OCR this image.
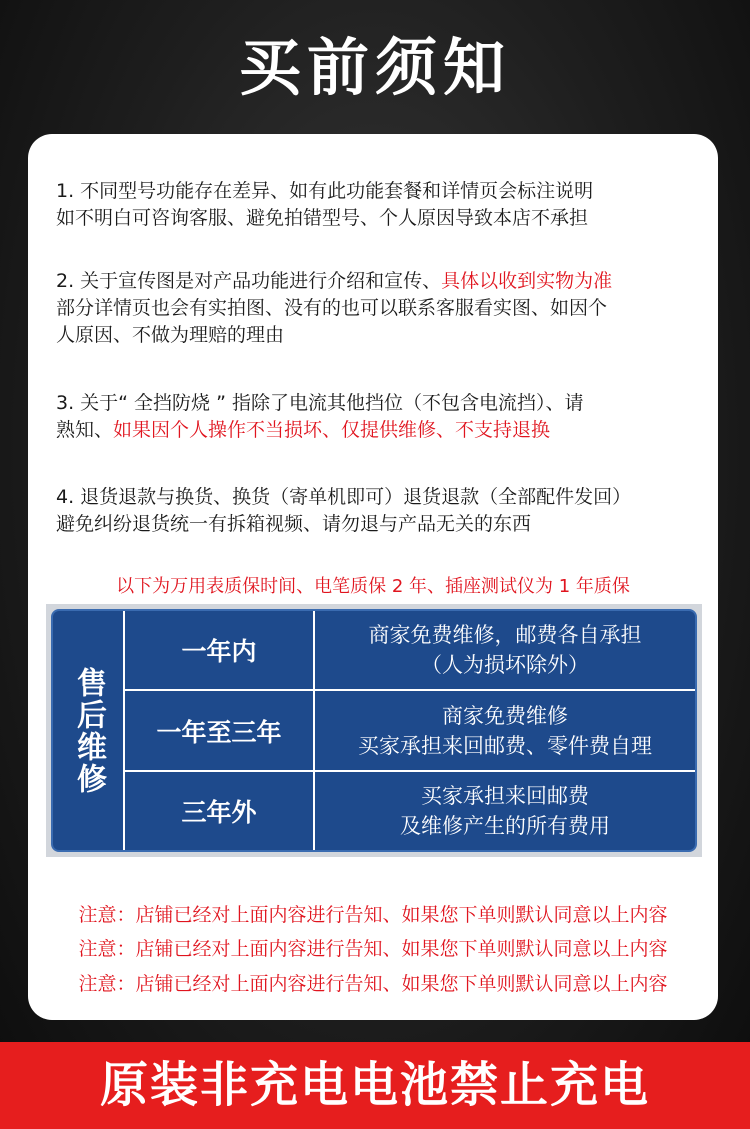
买前须知
1. 不同型号功能存在差异、如有此功能套餐和详情页会标注说明
如不明白可咨询客服、避免拍错型号、个人原因导致本店不承担
2. 关于宣传图是对产品功能进行介绍和宣传、具体以收到实物为准
部分详情页也会有实拍图、没有的也可以联系客服看实图、如因个
人原因、不做为理赔的理由
3. 关于“ 全挡防烧 ” 指除了电流其他挡位（不包含电流挡）、请
熟知、如果因个人操作不当损坏、仅提供维修、不支持退换
4. 退货退款与换货、换货（寄单机即可）退货退款（全部配件发回）
避免纠纷退货统一有拆箱视频、请勿退与产品无关的东西
以下为万用表质保时间、电笔质保 2 年、插座测试仪为 1 年质保
售后维修
一年内
商家免费维修，邮费各自承担
（人为损坏除外）
一年至三年
商家免费维修
买家承担来回邮费、零件费自理
三年外
买家承担来回邮费
及维修产生的所有费用
注意：店铺已经对上面内容进行告知、如果您下单则默认同意以上内容
注意：店铺已经对上面内容进行告知、如果您下单则默认同意以上内容
注意：店铺已经对上面内容进行告知、如果您下单则默认同意以上内容
原装非充电电池禁止充电
